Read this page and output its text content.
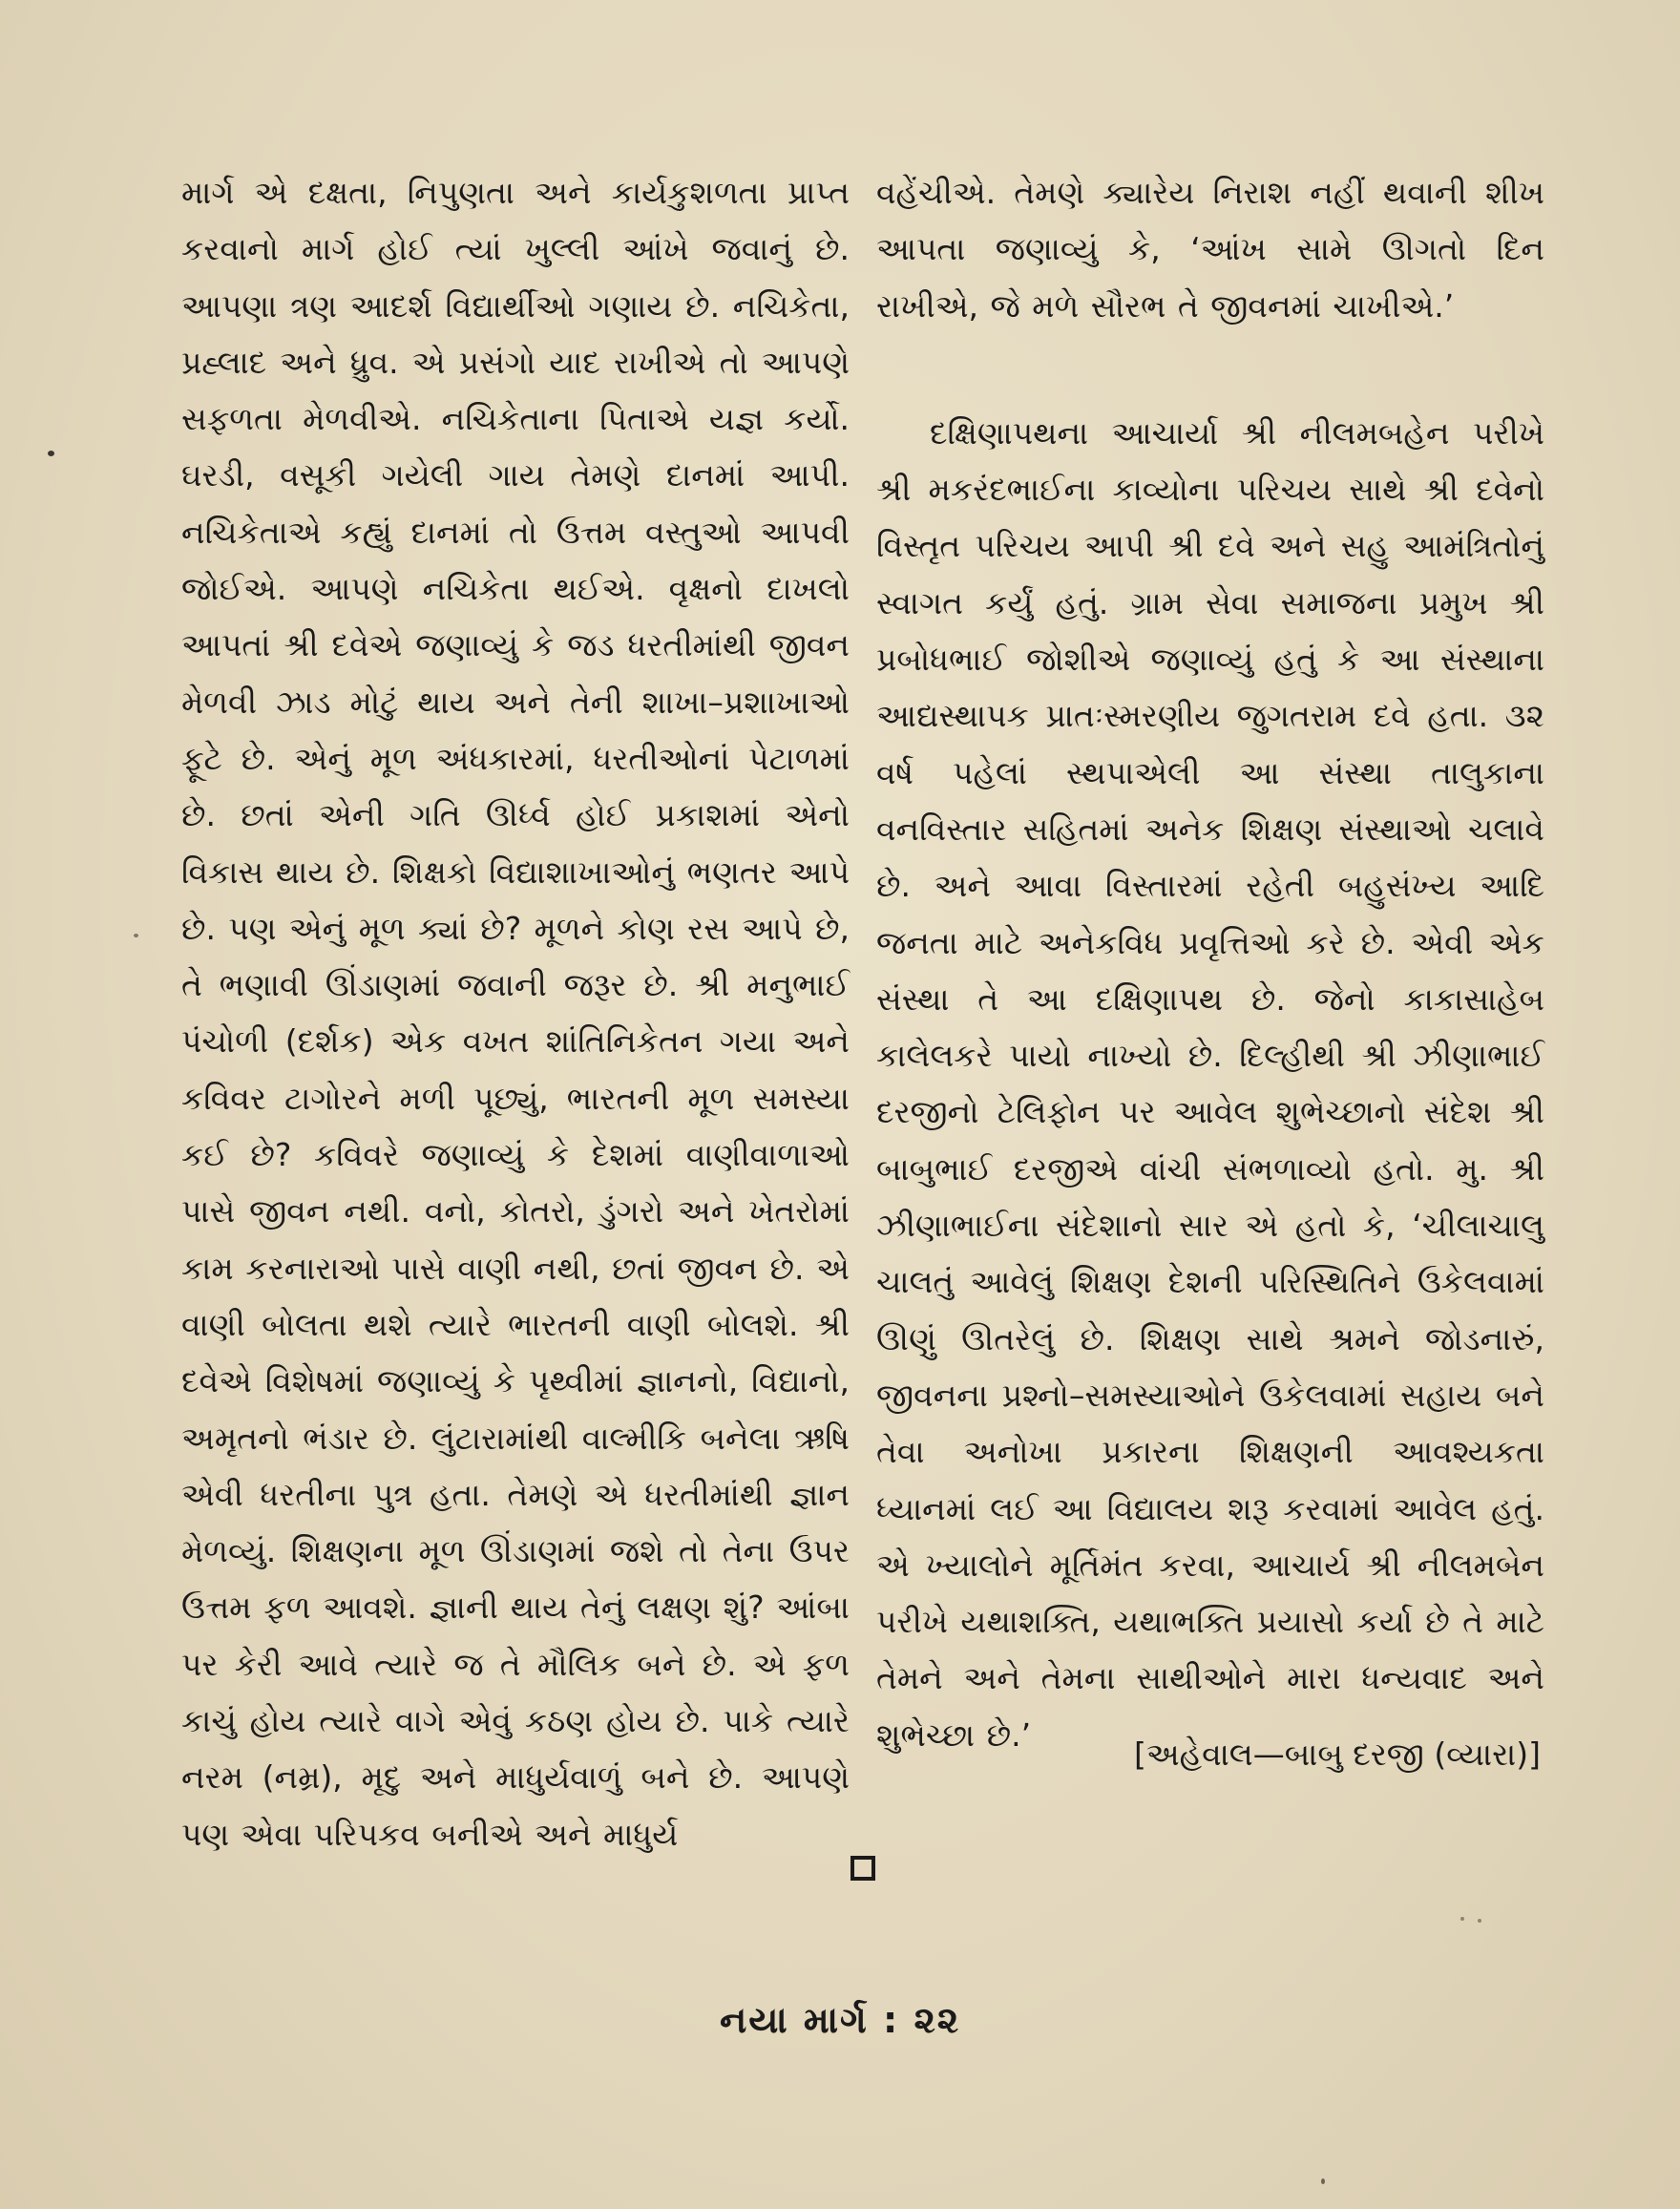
માર્ગ એ દક્ષતા, નિપુણતા અને કાર્યકુશળતા પ્રાપ્ત કરવાનો માર્ગ હોઈ ત્યાં ખુલ્લી આંખે જવાનું છે. આપણા ત્રણ આદર્શ વિદ્યાર્થીઓ ગણાય છે. નચિકેતા, પ્રહ્લાદ અને ધ્રુવ. એ પ્રસંગો યાદ રાખીએ તો આપણે સફળતા મેળવીએ. નચિકેતાના પિતાએ યજ્ઞ કર્યો. ઘરડી, વસૂકી ગયેલી ગાય તેમણે દાનમાં આપી. નચિકેતાએ કહ્યું દાનમાં તો ઉત્તમ વસ્તુઓ આપવી જોઈએ. આપણે નચિકેતા થઈએ. વૃક્ષનો દાખલો આપતાં શ્રી દવેએ જણાવ્યું કે જડ ધરતીમાંથી જીવન મેળવી ઝાડ મોટું થાય અને તેની શાખા–પ્રશાખાઓ ફૂટે છે. એનું મૂળ અંધકારમાં, ધરતીઓનાં પેટાળમાં છે. છતાં એની ગતિ ઊર્ધ્વ હોઈ પ્રકાશમાં એનો વિકાસ થાય છે. શિક્ષકો વિદ્યાશાખાઓનું ભણતર આપે છે. પણ એનું મૂળ ક્યાં છે? મૂળને કોણ રસ આપે છે, તે ભણાવી ઊંડાણમાં જવાની જરૂર છે. શ્રી મનુભાઈ પંચોળી (દર્શક) એક વખત શાંતિનિકેતન ગયા અને કવિવર ટાગોરને મળી પૂછ્યું, ભારતની મૂળ સમસ્યા કઈ છે? કવિવરે જણાવ્યું કે દેશમાં વાણીવાળાઓ પાસે જીવન નથી. વનો, કોતરો, ડુંગરો અને ખેતરોમાં કામ કરનારાઓ પાસે વાણી નથી, છતાં જીવન છે. એ વાણી બોલતા થશે ત્યારે ભારતની વાણી બોલશે. શ્રી દવેએ વિશેષમાં જણાવ્યું કે પૃથ્વીમાં જ્ઞાનનો, વિદ્યાનો, અમૃતનો ભંડાર છે. લુંટારામાંથી વાલ્મીકિ બનેલા ઋષિ એવી ધરતીના પુત્ર હતા. તેમણે એ ધરતીમાંથી જ્ઞાન મેળવ્યું. શિક્ષણના મૂળ ઊંડાણમાં જશે તો તેના ઉપર ઉત્તમ ફળ આવશે. જ્ઞાની થાય તેનું લક્ષણ શું? આંબા પર કેરી આવે ત્યારે જ તે મૌલિક બને છે. એ ફળ કાચું હોય ત્યારે વાગે એવું કઠણ હોય છે. પાકે ત્યારે નરમ (નમ્ર), મૃદુ અને માધુર્યવાળું બને છે. આપણે પણ એવા પરિપકવ બનીએ અને માધુર્ય

વહેંચીએ. તેમણે ક્યારેય નિરાશ નહીં થવાની શીખ આપતા જણાવ્યું કે, ‘આંખ સામે ઊગતો દિન રાખીએ, જે મળે સૌરભ તે જીવનમાં ચાખીએ.’

દક્ષિણાપથના આચાર્યા શ્રી નીલમબહેન પરીખે શ્રી મકરંદભાઈના કાવ્યોના પરિચય સાથે શ્રી દવેનો વિસ્તૃત પરિચય આપી શ્રી દવે અને સહુ આમંત્રિતોનું સ્વાગત કર્યું હતું. ગ્રામ સેવા સમાજના પ્રમુખ શ્રી પ્રબોધભાઈ જોશીએ જણાવ્યું હતું કે આ સંસ્થાના આદ્યસ્થાપક પ્રાતઃસ્મરણીય જુગતરામ દવે હતા. ૩૨ વર્ષ પહેલાં સ્થપાએલી આ સંસ્થા તાલુકાના વનવિસ્તાર સહિતમાં અનેક શિક્ષણ સંસ્થાઓ ચલાવે છે. અને આવા વિસ્તારમાં રહેતી બહુસંખ્ય આદિ જનતા માટે અનેકવિધ પ્રવૃત્તિઓ કરે છે. એવી એક સંસ્થા તે આ દક્ષિણાપથ છે. જેનો કાકાસાહેબ કાલેલકરે પાયો નાખ્યો છે. દિલ્હીથી શ્રી ઝીણાભાઈ દરજીનો ટેલિફોન પર આવેલ શુભેચ્છાનો સંદેશ શ્રી બાબુભાઈ દરજીએ વાંચી સંભળાવ્યો હતો. મુ. શ્રી ઝીણાભાઈના સંદેશાનો સાર એ હતો કે, ‘ચીલાચાલુ ચાલતું આવેલું શિક્ષણ દેશની પરિસ્થિતિને ઉકેલવામાં ઊણું ઊતરેલું છે. શિક્ષણ સાથે શ્રમને જોડનારું, જીવનના પ્રશ્નો–સમસ્યાઓને ઉકેલવામાં સહાય બને તેવા અનોખા પ્રકારના શિક્ષણની આવશ્યકતા ધ્યાનમાં લઈ આ વિદ્યાલય શરૂ કરવામાં આવેલ હતું. એ ખ્યાલોને મૂર્તિમંત કરવા, આચાર્ય શ્રી નીલમબેન પરીખે યથાશક્તિ, યથાભક્તિ પ્રયાસો કર્યા છે તે માટે તેમને અને તેમના સાથીઓને મારા ધન્યવાદ અને શુભેચ્છા છે.’

[અહેવાલ—બાબુ દરજી (વ્યારા)]
નયા માર્ગ : ૨૨
